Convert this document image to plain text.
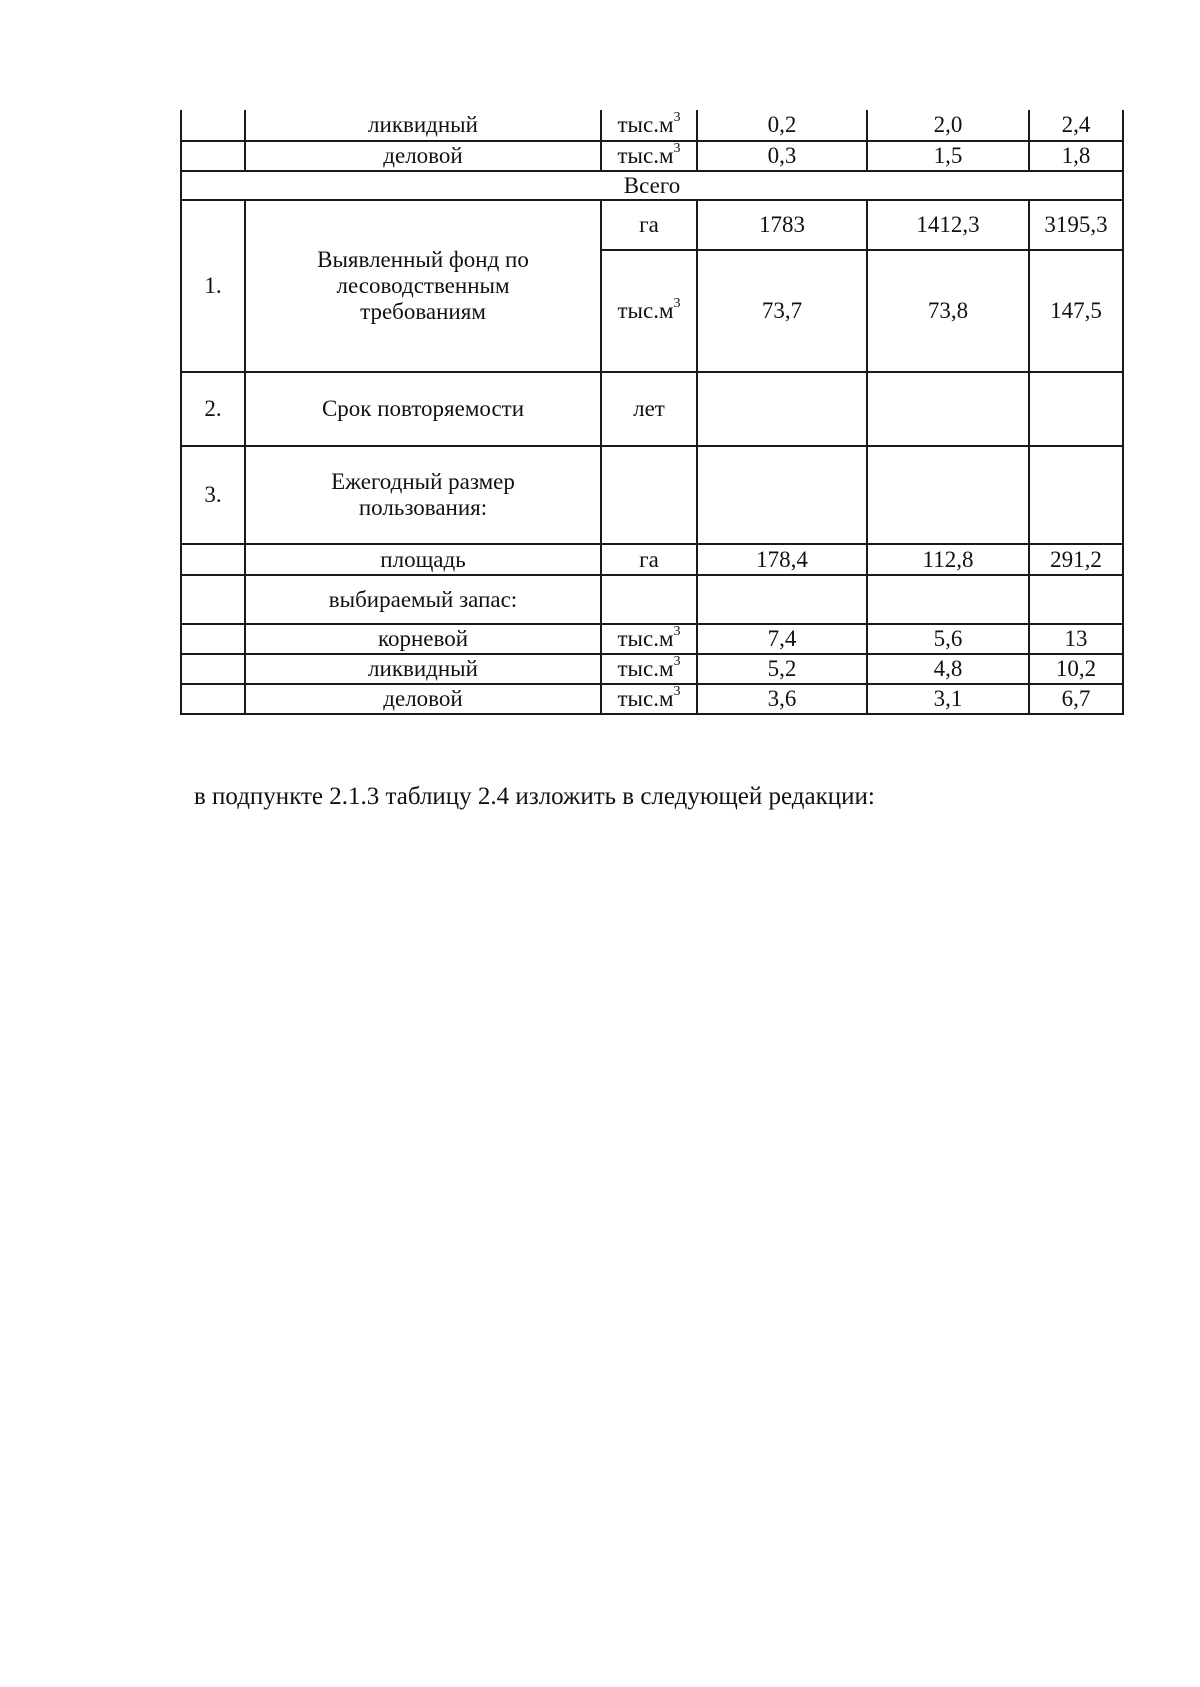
	ликвидный	$тыс.м^3$	0,2	2,0	2,4
	деловой	$тыс.м^3$	0,3	1,5	1,8
Всего					
1.	Выявленный фонд по лесоводственным требованиям	га	1783	1412,3	3195,3
		$тыс.м^3$	73,7	73,8	147,5
2.	Срок повторяемости	лет			
3.	Ежегодный размер пользования:				
	площадь	га	178,4	112,8	291,2
	выбираемый запас:				
	корневой	$тыс.м^3$	7,4	5,6	13
	ликвидный	$тыс.м^3$	5,2	4,8	10,2
	деловой	$тыс.м^3$	3,6	3,1	6,7
в подпункте 2.1.3 таблицу 2.4 изложить в следующей редакции:
